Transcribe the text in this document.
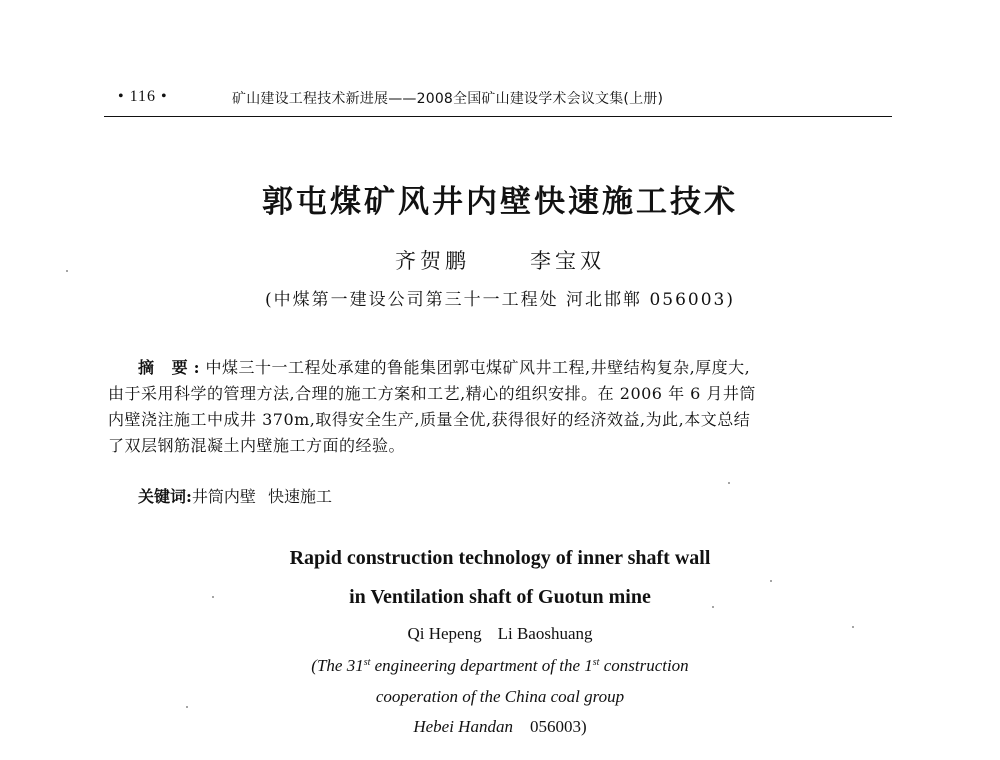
• 116 •	矿山建设工程技术新进展——2008全国矿山建设学术会议文集(上册)
郭屯煤矿风井内壁快速施工技术
齐贺鹏	李宝双
(中煤第一建设公司第三十一工程处 河北邯郸 056003)
摘 要:中煤三十一工程处承建的鲁能集团郭屯煤矿风井工程,井壁结构复杂,厚度大,
由于采用科学的管理方法,合理的施工方案和工艺,精心的组织安排。在 2006 年 6 月井筒
内壁浇注施工中成井 370m,取得安全生产,质量全优,获得很好的经济效益,为此,本文总结
了双层钢筋混凝土内壁施工方面的经验。
关键词:井筒内壁 快速施工
Rapid construction technology of inner shaft wall
in Ventilation shaft of Guotun mine
Qi Hepeng Li Baoshuang
(The 31st engineering department of the 1st construction
cooperation of the China coal group
Hebei Handan 056003)
